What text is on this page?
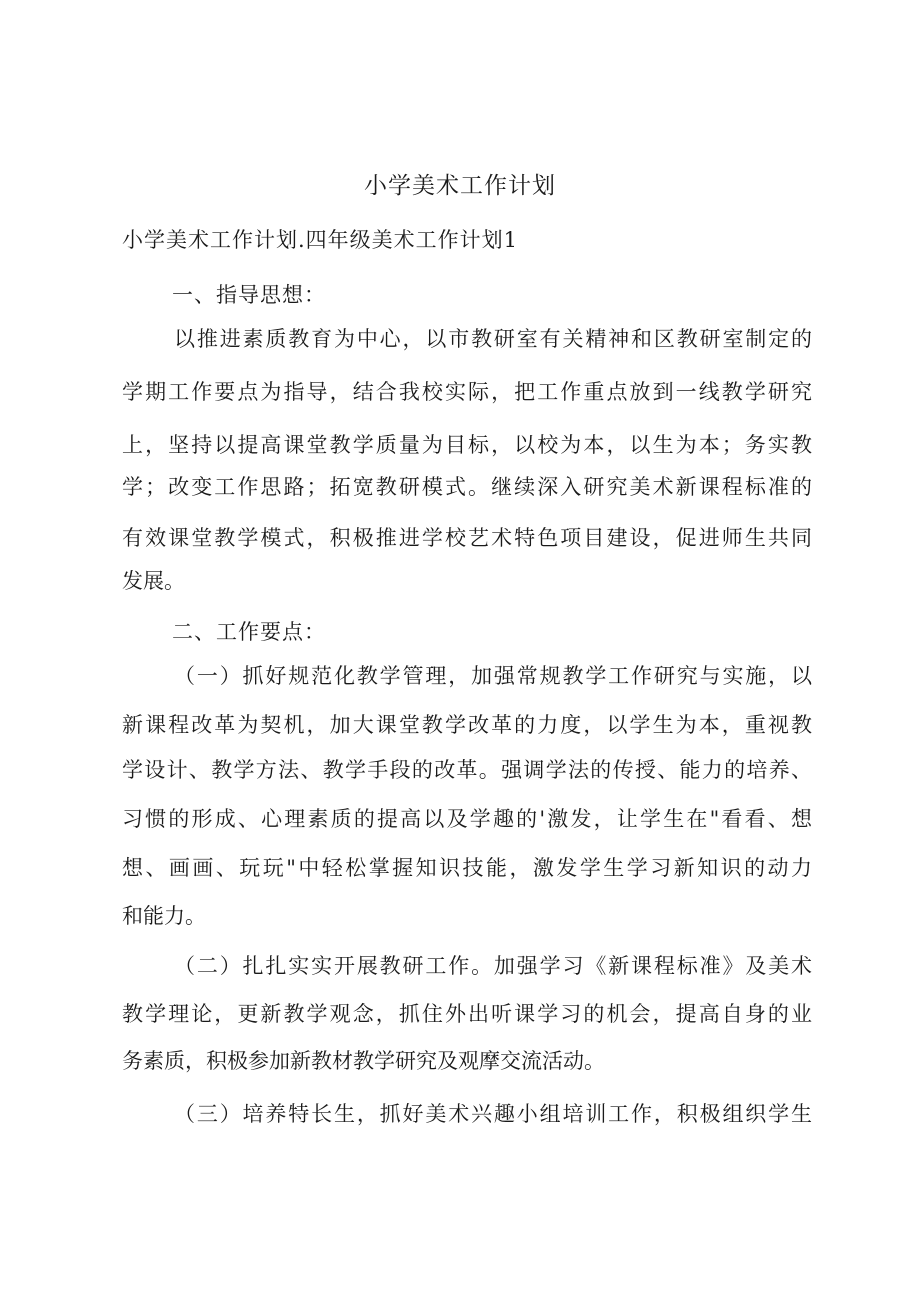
小学美术工作计划
小学美术工作计划.四年级美术工作计划1
一、指导思想：
以推进素质教育为中心，以市教研室有关精神和区教研室制定的
学期工作要点为指导，结合我校实际，把工作重点放到一线教学研究
上，坚持以提高课堂教学质量为目标，以校为本，以生为本；务实教
学；改变工作思路；拓宽教研模式。继续深入研究美术新课程标准的
有效课堂教学模式，积极推进学校艺术特色项目建设，促进师生共同
发展。
二、工作要点：
（一）抓好规范化教学管理，加强常规教学工作研究与实施，以
新课程改革为契机，加大课堂教学改革的力度，以学生为本，重视教
学设计、教学方法、教学手段的改革。强调学法的传授、能力的培养、
习惯的形成、心理素质的提高以及学趣的'激发，让学生在"看看、想
想、画画、玩玩"中轻松掌握知识技能，激发学生学习新知识的动力
和能力。
（二）扎扎实实开展教研工作。加强学习《新课程标准》及美术
教学理论，更新教学观念，抓住外出听课学习的机会，提高自身的业
务素质，积极参加新教材教学研究及观摩交流活动。
（三）培养特长生，抓好美术兴趣小组培训工作，积极组织学生
